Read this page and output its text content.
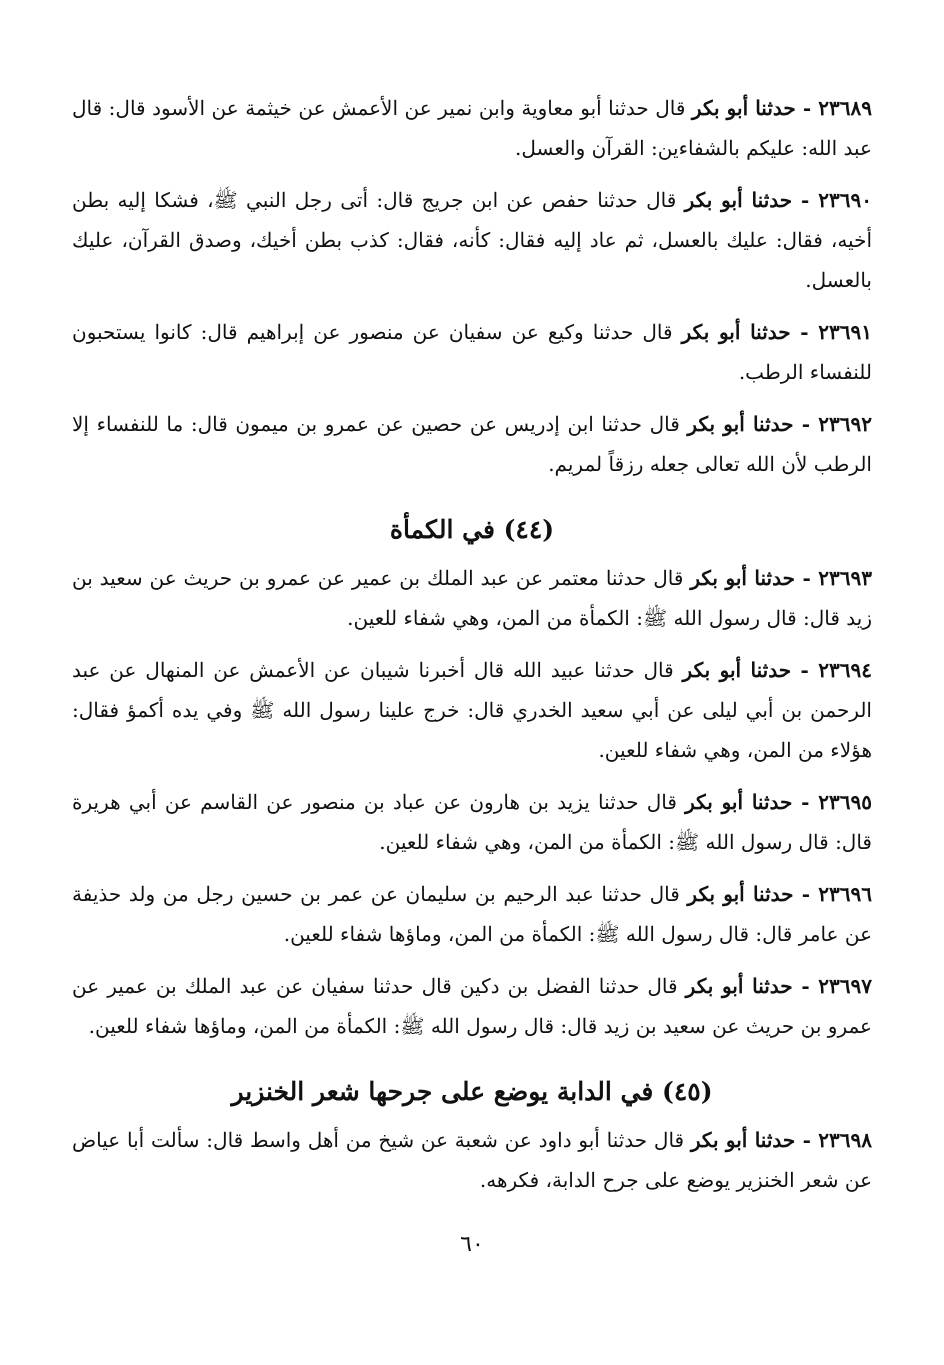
٢٣٦٨٩ - حدثنا أبو بكر قال حدثنا أبو معاوية وابن نمير عن الأعمش عن خيثمة عن الأسود قال: قال عبد الله: عليكم بالشفاءين: القرآن والعسل.

٢٣٦٩٠ - حدثنا أبو بكر قال حدثنا حفص عن ابن جريج قال: أتى رجل النبي ﷺ، فشكا إليه بطن أخيه، فقال: عليك بالعسل، ثم عاد إليه فقال: كأنه، فقال: كذب بطن أخيك، وصدق القرآن، عليك بالعسل.

٢٣٦٩١ - حدثنا أبو بكر قال حدثنا وكيع عن سفيان عن منصور عن إبراهيم قال: كانوا يستحبون للنفساء الرطب.

٢٣٦٩٢ - حدثنا أبو بكر قال حدثنا ابن إدريس عن حصين عن عمرو بن ميمون قال: ما للنفساء إلا الرطب لأن الله تعالى جعله رزقاً لمريم.

(٤٤) في الكمأة

٢٣٦٩٣ - حدثنا أبو بكر قال حدثنا معتمر عن عبد الملك بن عمير عن عمرو بن حريث عن سعيد بن زيد قال: قال رسول الله ﷺ: الكمأة من المن، وهي شفاء للعين.

٢٣٦٩٤ - حدثنا أبو بكر قال حدثنا عبيد الله قال أخبرنا شيبان عن الأعمش عن المنهال عن عبد الرحمن بن أبي ليلى عن أبي سعيد الخدري قال: خرج علينا رسول الله ﷺ وفي يده أكمؤ فقال: هؤلاء من المن، وهي شفاء للعين.

٢٣٦٩٥ - حدثنا أبو بكر قال حدثنا يزيد بن هارون عن عباد بن منصور عن القاسم عن أبي هريرة قال: قال رسول الله ﷺ: الكمأة من المن، وهي شفاء للعين.

٢٣٦٩٦ - حدثنا أبو بكر قال حدثنا عبد الرحيم بن سليمان عن عمر بن حسين رجل من ولد حذيفة عن عامر قال: قال رسول الله ﷺ: الكمأة من المن، وماؤها شفاء للعين.

٢٣٦٩٧ - حدثنا أبو بكر قال حدثنا الفضل بن دكين قال حدثنا سفيان عن عبد الملك بن عمير عن عمرو بن حريث عن سعيد بن زيد قال: قال رسول الله ﷺ: الكمأة من المن، وماؤها شفاء للعين.

(٤٥) في الدابة يوضع على جرحها شعر الخنزير

٢٣٦٩٨ - حدثنا أبو بكر قال حدثنا أبو داود عن شعبة عن شيخ من أهل واسط قال: سألت أبا عياض عن شعر الخنزير يوضع على جرح الدابة، فكرهه.

٦٠
